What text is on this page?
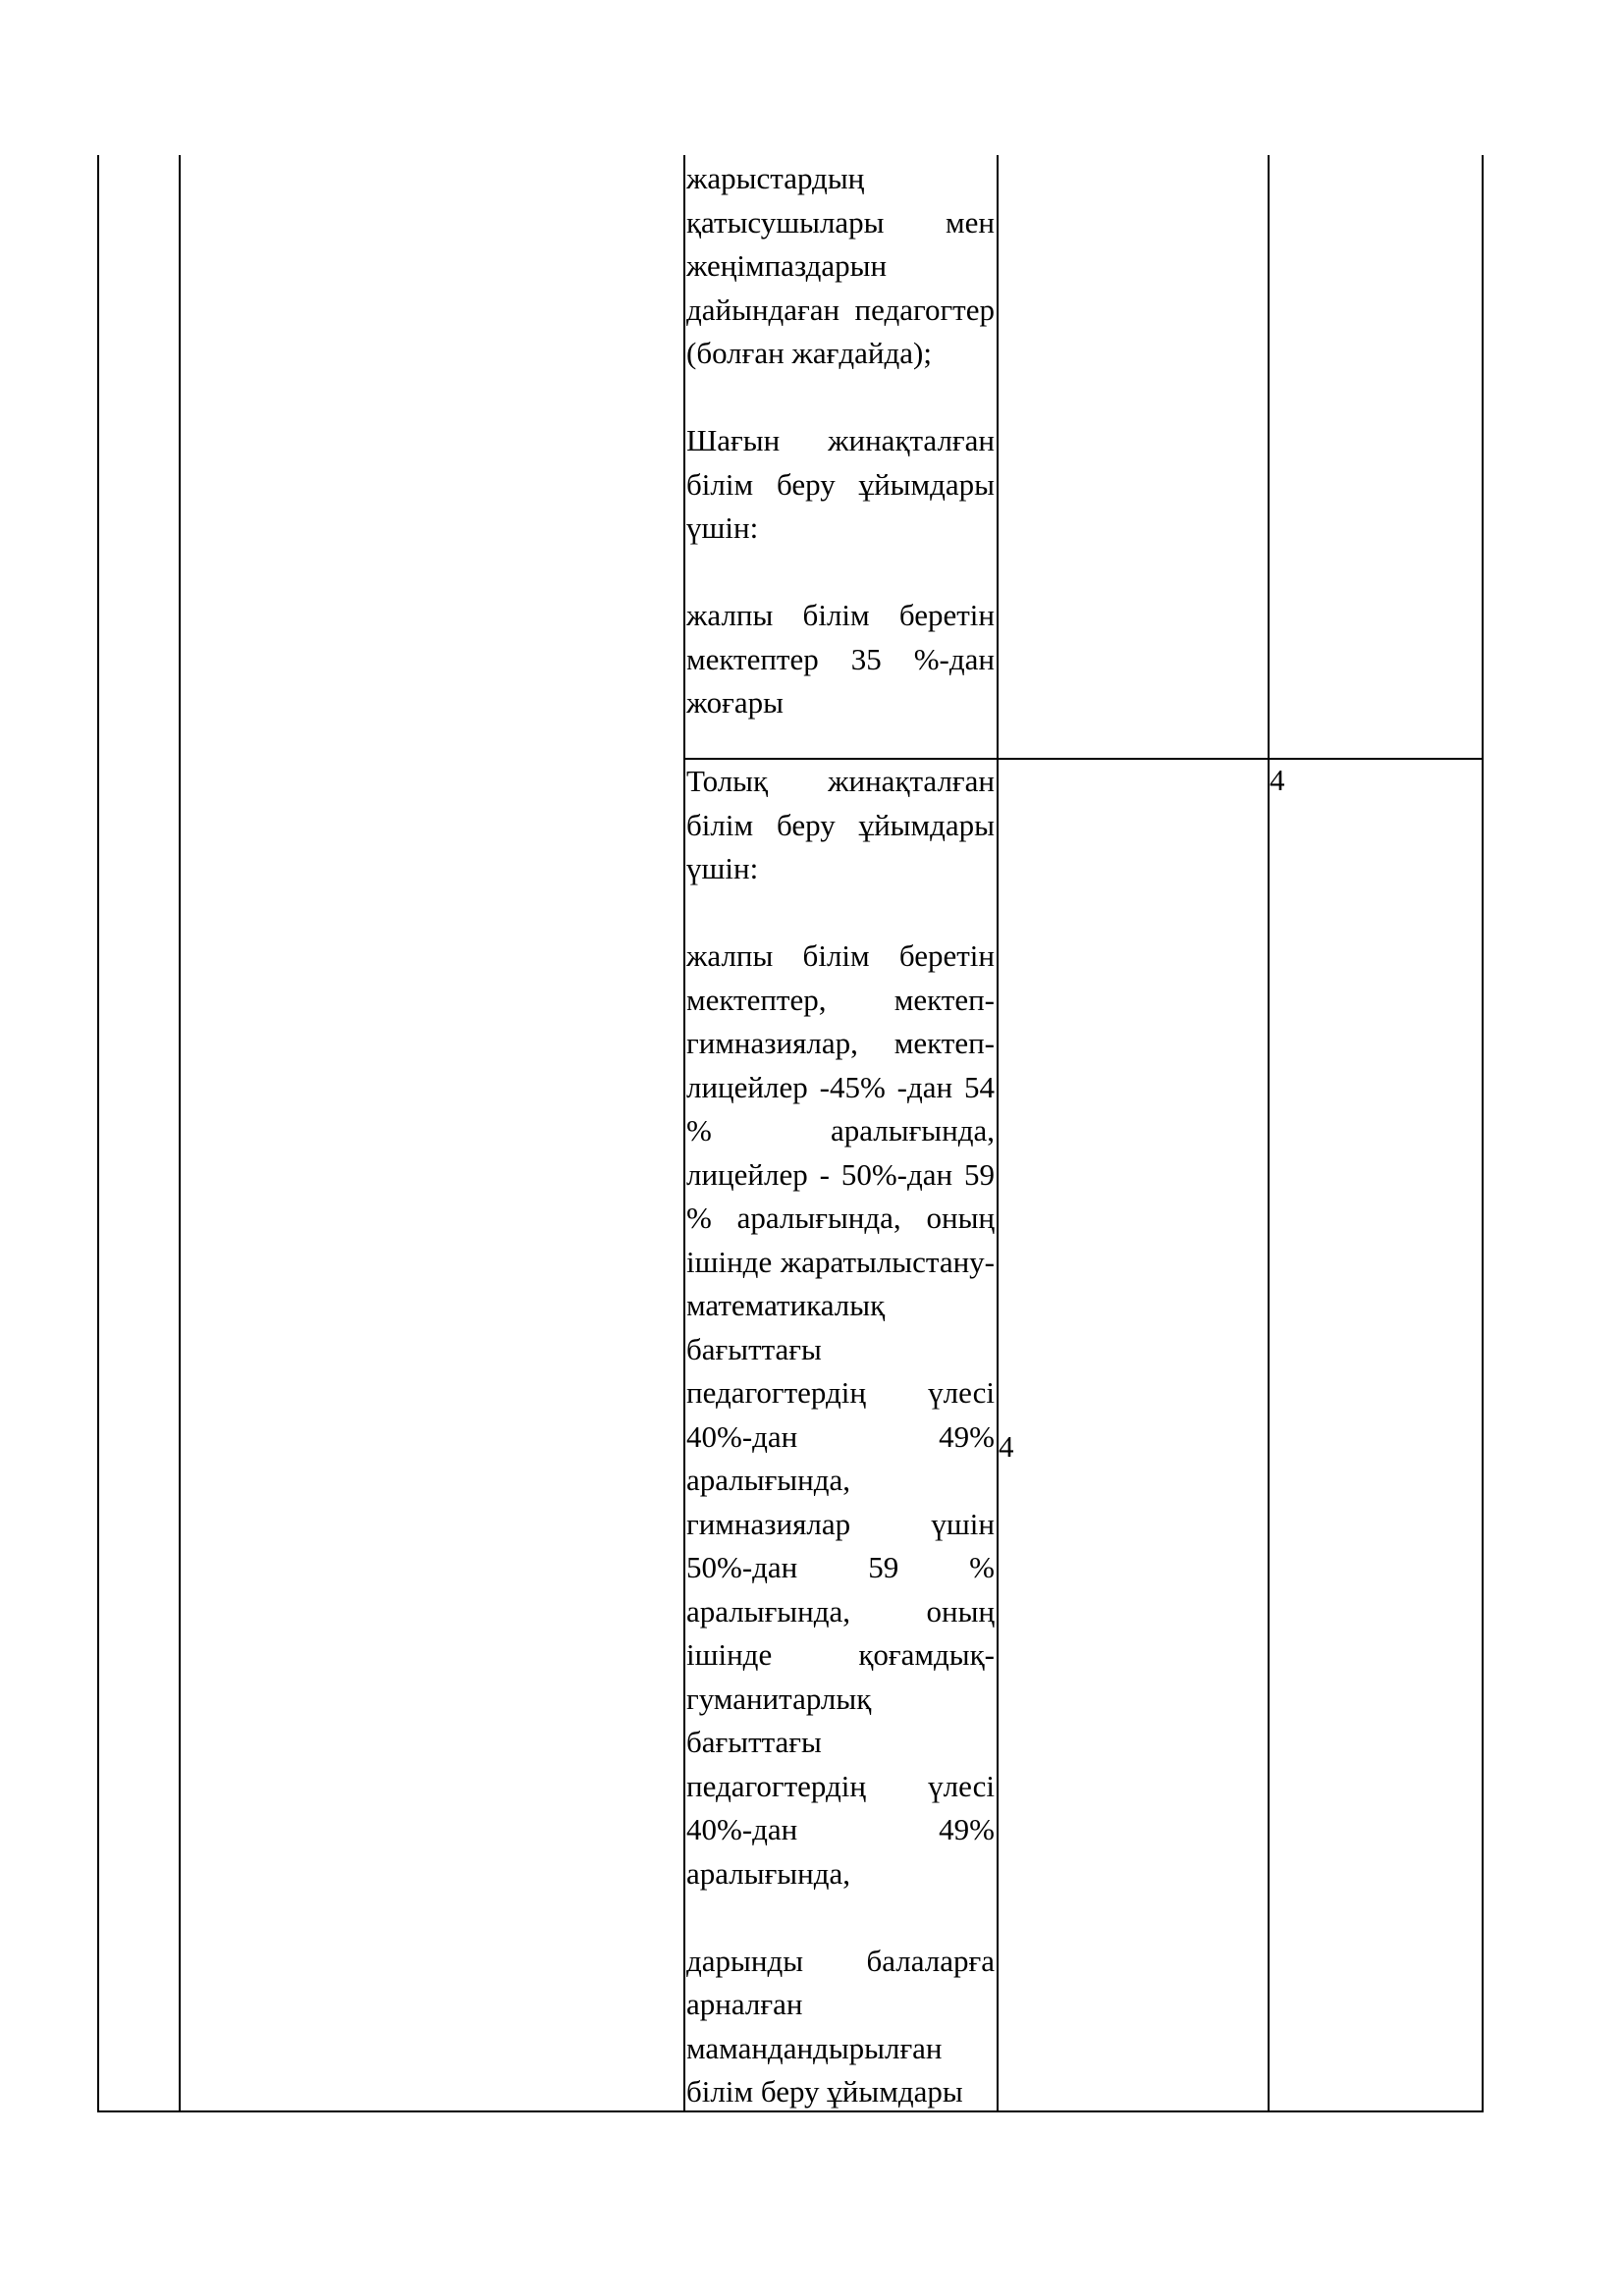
жарыстардың қатысушылары мен жеңімпаздарын дайындаған педагогтер (болған жағдайда);

Шағын жинақталған білім беру ұйымдары үшін:

жалпы білім беретін мектептер 35 %-дан жоғары

Толық жинақталған білім беру ұйымдары үшін:

жалпы білім беретін мектептер, мектеп-гимназиялар, мектеп-лицейлер -45% -дан 54 % аралығында, лицейлер - 50%-дан 59 % аралығында, оның ішінде жаратылыстану-математикалық бағыттағы педагогтердің үлесі 40%-дан 49% аралығында, гимназиялар үшін 50%-дан 59 % аралығында, оның ішінде қоғамдық-гуманитарлық бағыттағы педагогтердің үлесі 40%-дан 49% аралығында,

дарынды балаларға арналған мамандандырылған білім беру ұйымдары

4
4
